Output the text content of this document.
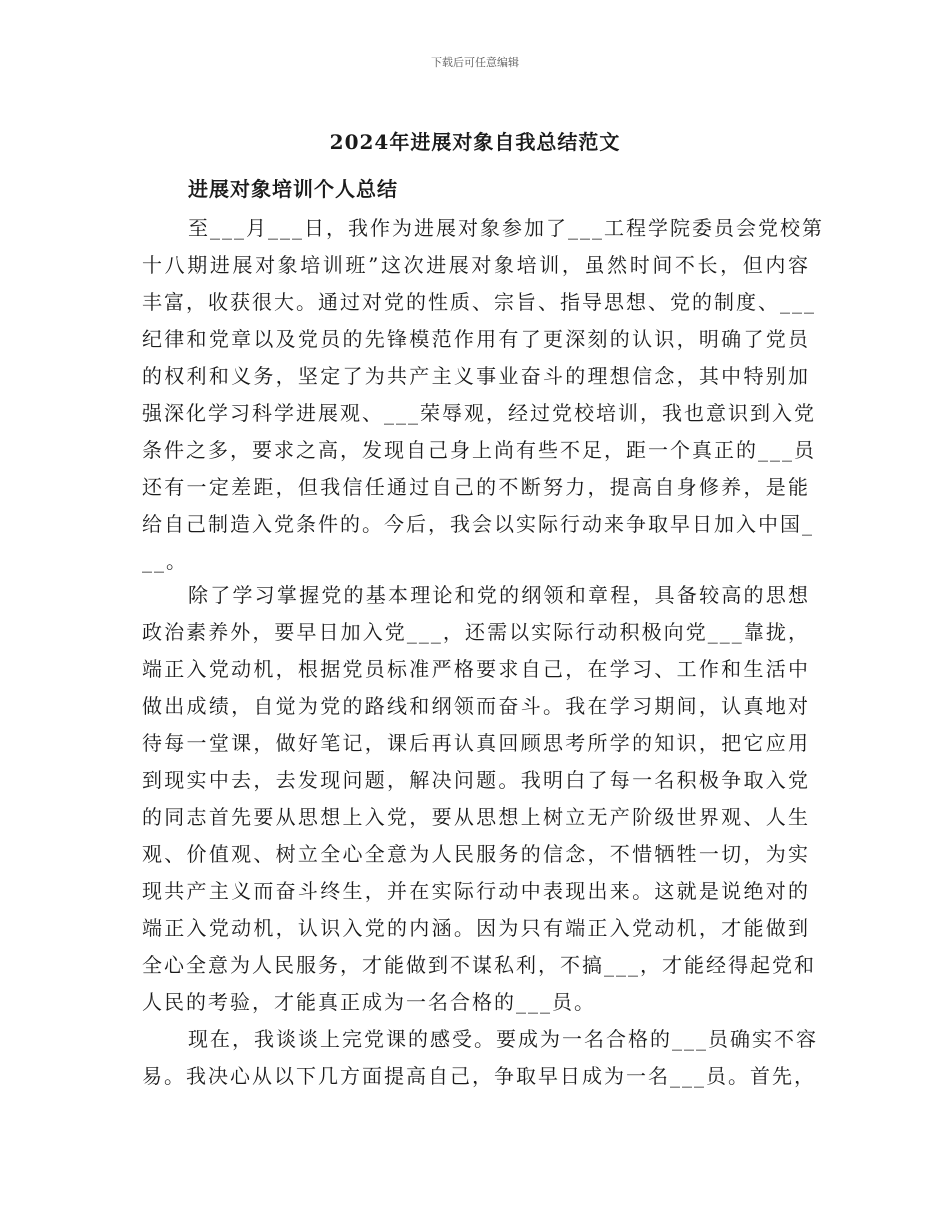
下载后可任意编辑
2024年进展对象自我总结范文
进展对象培训个人总结
至___月___日，我作为进展对象参加了___工程学院委员会党校第
十八期进展对象培训班”这次进展对象培训，虽然时间不长，但内容
丰富，收获很大。通过对党的性质、宗旨、指导思想、党的制度、___
纪律和党章以及党员的先锋模范作用有了更深刻的认识，明确了党员
的权利和义务，坚定了为共产主义事业奋斗的理想信念，其中特别加
强深化学习科学进展观、___荣辱观，经过党校培训，我也意识到入党
条件之多，要求之高，发现自己身上尚有些不足，距一个真正的___员
还有一定差距，但我信任通过自己的不断努力，提高自身修养，是能
给自己制造入党条件的。今后，我会以实际行动来争取早日加入中国_
__。
除了学习掌握党的基本理论和党的纲领和章程，具备较高的思想
政治素养外，要早日加入党___，还需以实际行动积极向党___靠拢，
端正入党动机，根据党员标准严格要求自己，在学习、工作和生活中
做出成绩，自觉为党的路线和纲领而奋斗。我在学习期间，认真地对
待每一堂课，做好笔记，课后再认真回顾思考所学的知识，把它应用
到现实中去，去发现问题，解决问题。我明白了每一名积极争取入党
的同志首先要从思想上入党，要从思想上树立无产阶级世界观、人生
观、价值观、树立全心全意为人民服务的信念，不惜牺牲一切，为实
现共产主义而奋斗终生，并在实际行动中表现出来。这就是说绝对的
端正入党动机，认识入党的内涵。因为只有端正入党动机，才能做到
全心全意为人民服务，才能做到不谋私利，不搞___，才能经得起党和
人民的考验，才能真正成为一名合格的___员。
现在，我谈谈上完党课的感受。要成为一名合格的___员确实不容
易。我决心从以下几方面提高自己，争取早日成为一名___员。首先，
